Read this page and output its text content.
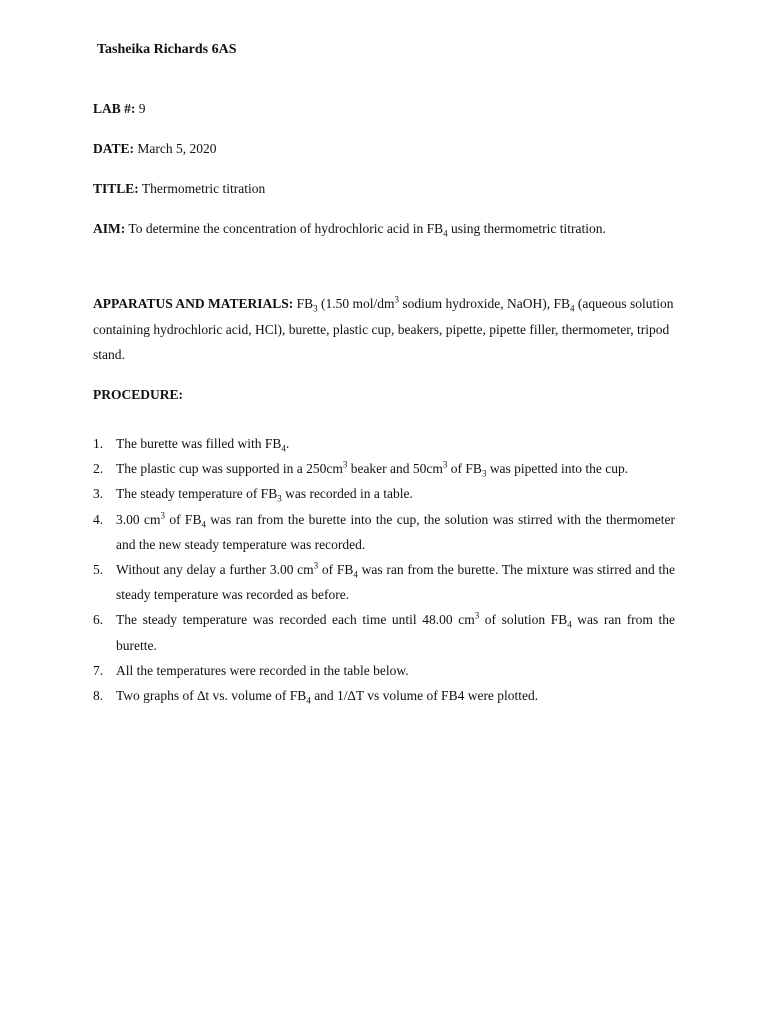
Tasheika Richards 6AS

LAB #: 9

DATE: March 5, 2020

TITLE: Thermometric titration

AIM: To determine the concentration of hydrochloric acid in $FB_4$ using thermometric titration.

APPARATUS AND MATERIALS: $FB_3$ (1.50 mol/$dm^3$ sodium hydroxide, NaOH), $FB_4$ (aqueous solution containing hydrochloric acid, HCl), burette, plastic cup, beakers, pipette, pipette filler, thermometer, tripod stand.

PROCEDURE:

1. The burette was filled with $FB_4$.
2. The plastic cup was supported in a $250cm^3$ beaker and $50cm^3$ of $FB_3$ was pipetted into the cup.
3. The steady temperature of $FB_3$ was recorded in a table.
4. 3.00 $cm^3$ of $FB_4$ was ran from the burette into the cup, the solution was stirred with the thermometer and the new steady temperature was recorded.
5. Without any delay a further 3.00 $cm^3$ of $FB_4$ was ran from the burette. The mixture was stirred and the steady temperature was recorded as before.
6. The steady temperature was recorded each time until 48.00 $cm^3$ of solution $FB_4$ was ran from the burette.
7. All the temperatures were recorded in the table below.
8. Two graphs of ∆t vs. volume of $FB_4$ and 1/∆T vs volume of FB4 were plotted.
